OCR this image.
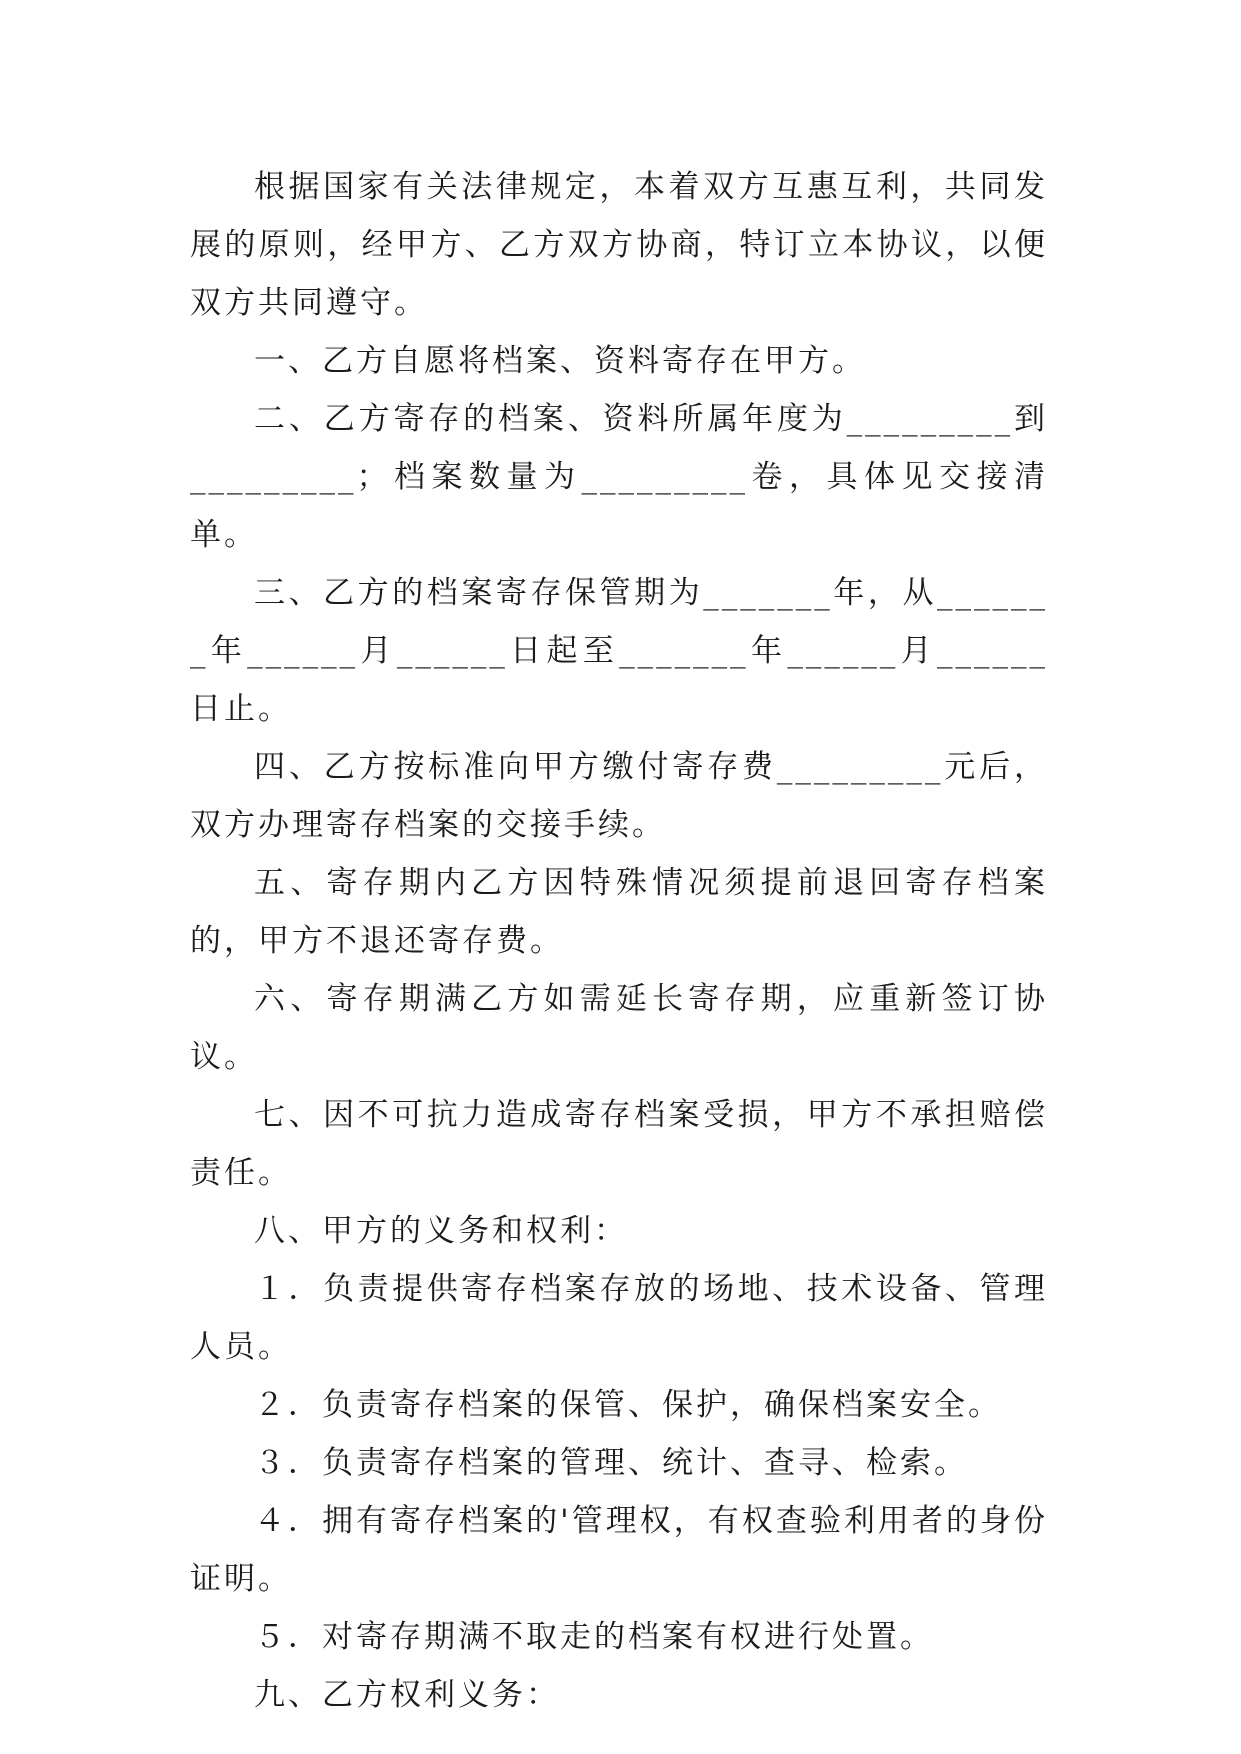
根据国家有关法律规定，本着双方互惠互利，共同发展的原则，经甲方、乙方双方协商，特订立本协议，以便双方共同遵守。

一、乙方自愿将档案、资料寄存在甲方。

二、乙方寄存的档案、资料所属年度为_________到_________；档案数量为_________卷，具体见交接清单。

三、乙方的档案寄存保管期为_______年，从_______年______月______日起至_______年______月______日止。

四、乙方按标准向甲方缴付寄存费_________元后，双方办理寄存档案的交接手续。

五、寄存期内乙方因特殊情况须提前退回寄存档案的，甲方不退还寄存费。

六、寄存期满乙方如需延长寄存期，应重新签订协议。

七、因不可抗力造成寄存档案受损，甲方不承担赔偿责任。

八、甲方的义务和权利：

１．负责提供寄存档案存放的场地、技术设备、管理人员。

２．负责寄存档案的保管、保护，确保档案安全。

３．负责寄存档案的管理、统计、查寻、检索。

４．拥有寄存档案的'管理权，有权查验利用者的身份证明。

５．对寄存期满不取走的档案有权进行处置。

九、乙方权利义务：
